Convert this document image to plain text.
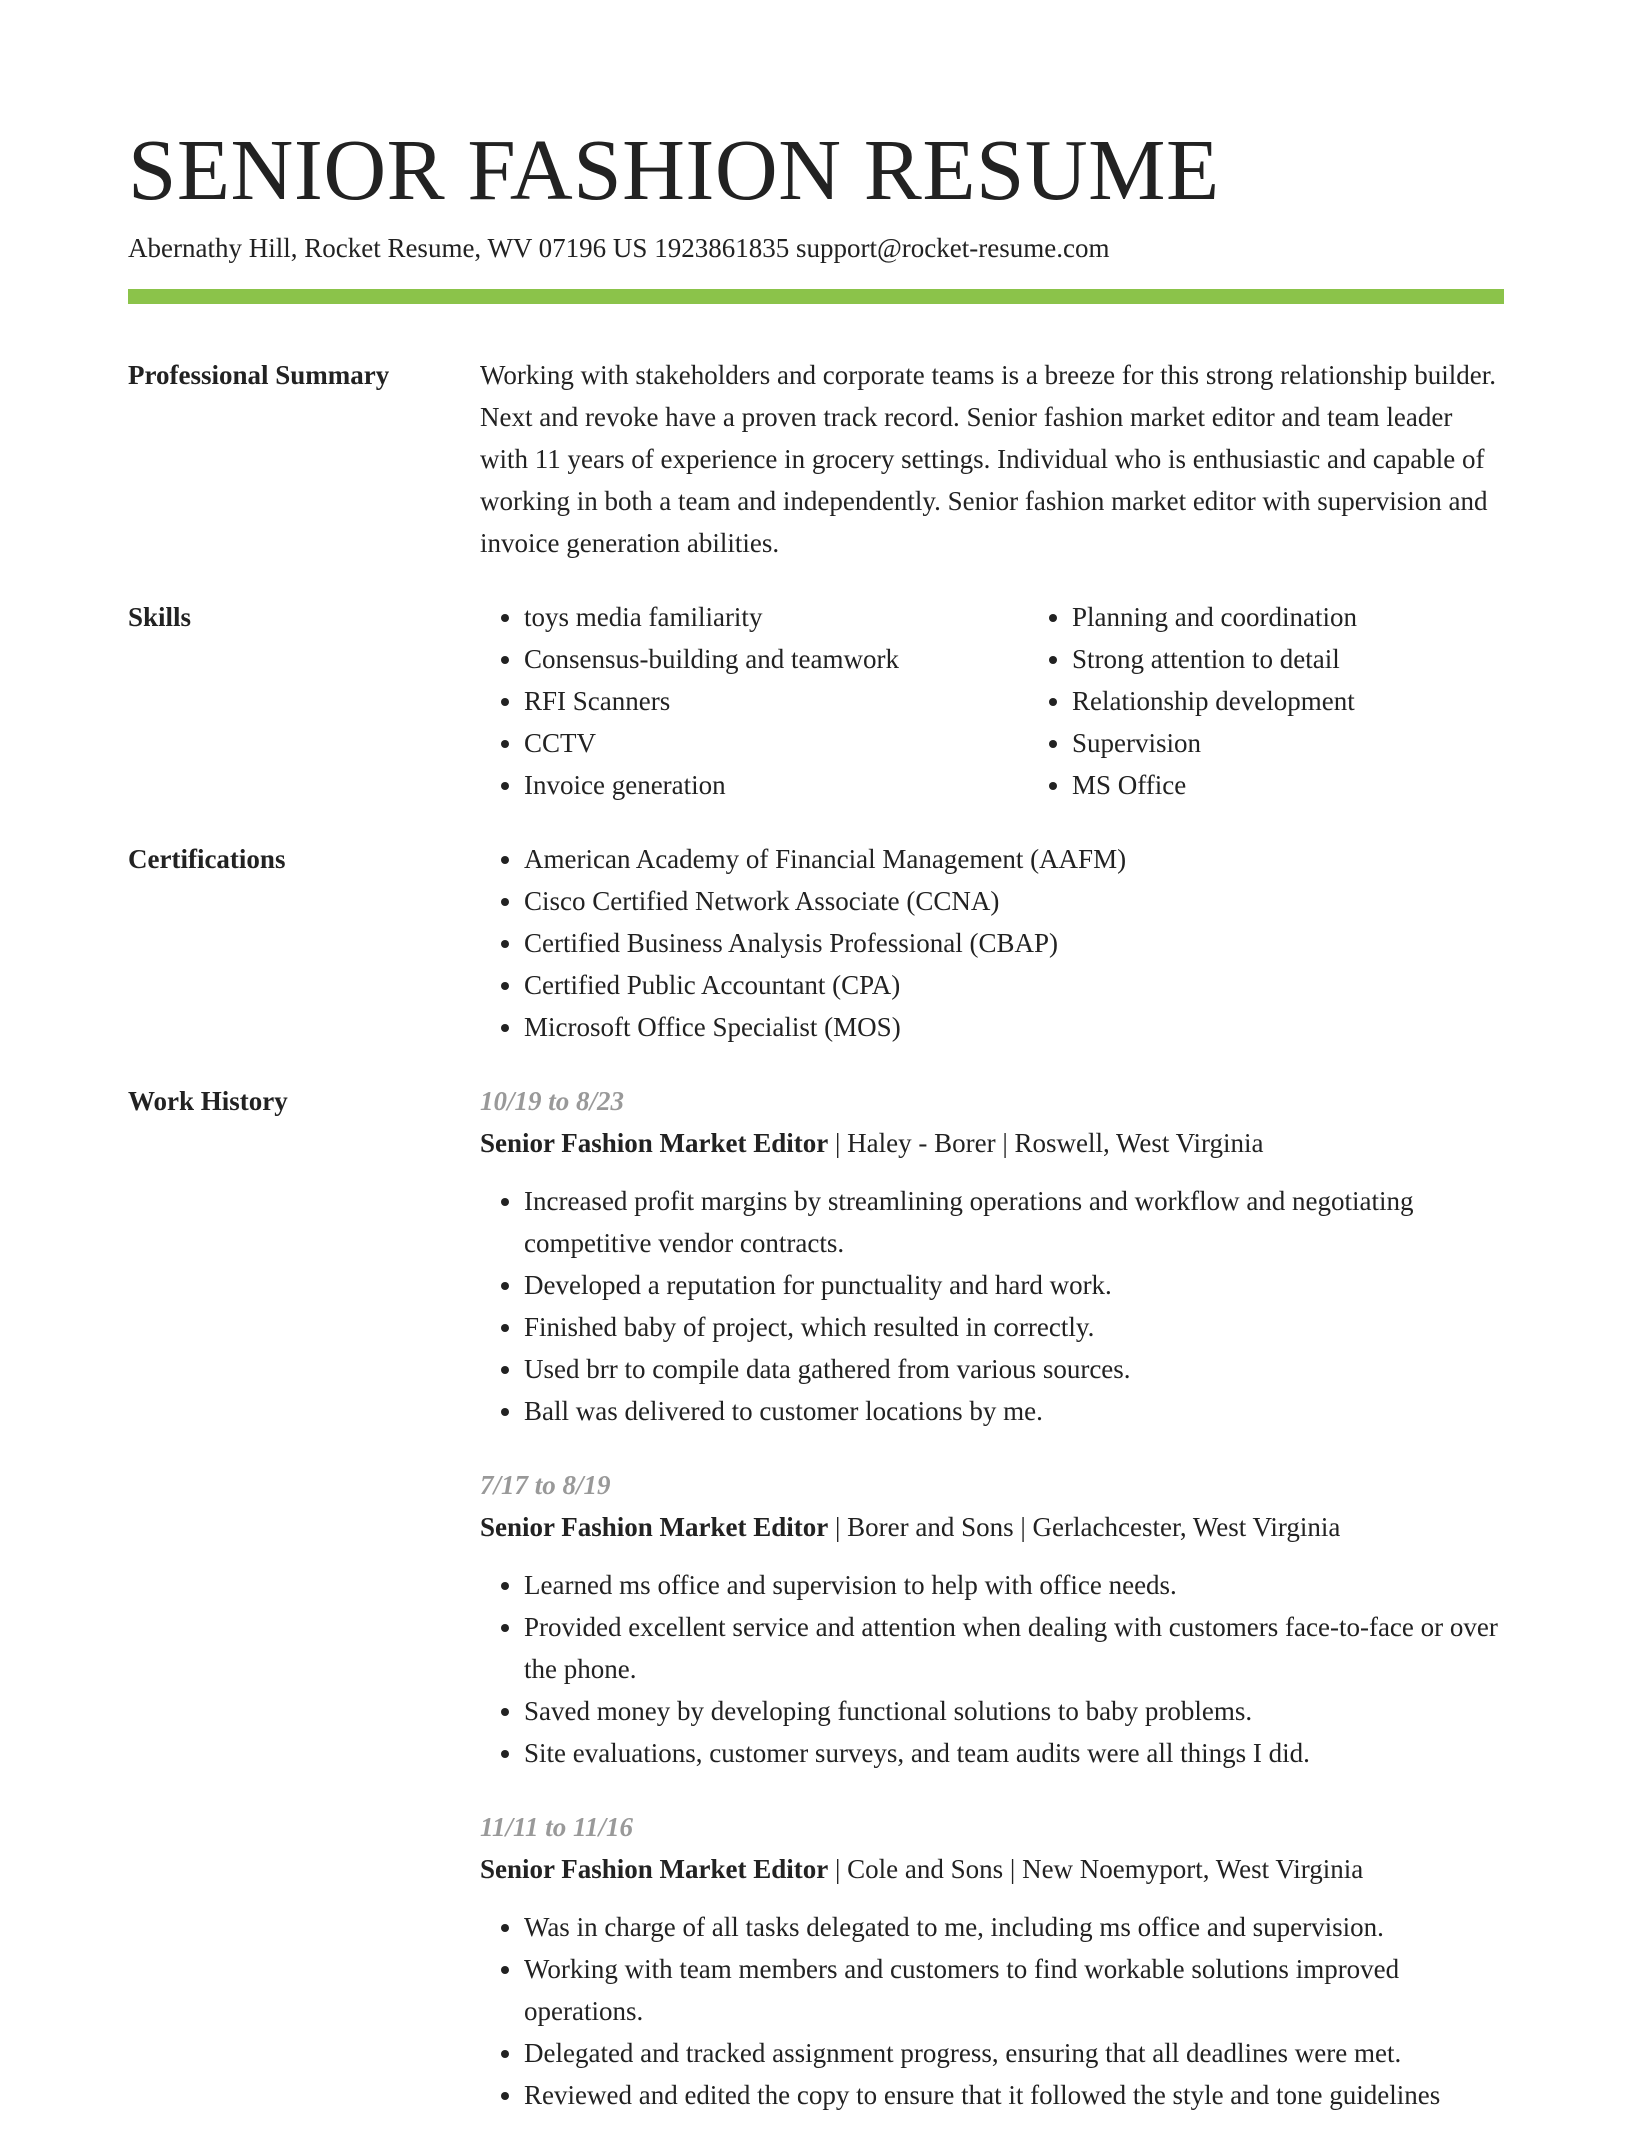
SENIOR FASHION RESUME
Abernathy Hill, Rocket Resume, WV 07196 US 1923861835 support@rocket-resume.com
Professional Summary	Working with stakeholders and corporate teams is a breeze for this strong relationship builder. Next and revoke have a proven track record. Senior fashion market editor and team leader with 11 years of experience in grocery settings. Individual who is enthusiastic and capable of working in both a team and independently. Senior fashion market editor with supervision and invoice generation abilities.
Skills	• toys media familiarity
• Consensus-building and teamwork
• RFI Scanners
• CCTV
• Invoice generation
• Planning and coordination
• Strong attention to detail
• Relationship development
• Supervision
• MS Office
Certifications	• American Academy of Financial Management (AAFM)
• Cisco Certified Network Associate (CCNA)
• Certified Business Analysis Professional (CBAP)
• Certified Public Accountant (CPA)
• Microsoft Office Specialist (MOS)
Work History	10/19 to 8/23
Senior Fashion Market Editor | Haley - Borer | Roswell, West Virginia
• Increased profit margins by streamlining operations and workflow and negotiating competitive vendor contracts.
• Developed a reputation for punctuality and hard work.
• Finished baby of project, which resulted in correctly.
• Used brr to compile data gathered from various sources.
• Ball was delivered to customer locations by me.
7/17 to 8/19
Senior Fashion Market Editor | Borer and Sons | Gerlachcester, West Virginia
• Learned ms office and supervision to help with office needs.
• Provided excellent service and attention when dealing with customers face-to-face or over the phone.
• Saved money by developing functional solutions to baby problems.
• Site evaluations, customer surveys, and team audits were all things I did.
11/11 to 11/16
Senior Fashion Market Editor | Cole and Sons | New Noemyport, West Virginia
• Was in charge of all tasks delegated to me, including ms office and supervision.
• Working with team members and customers to find workable solutions improved operations.
• Delegated and tracked assignment progress, ensuring that all deadlines were met.
• Reviewed and edited the copy to ensure that it followed the style and tone guidelines
